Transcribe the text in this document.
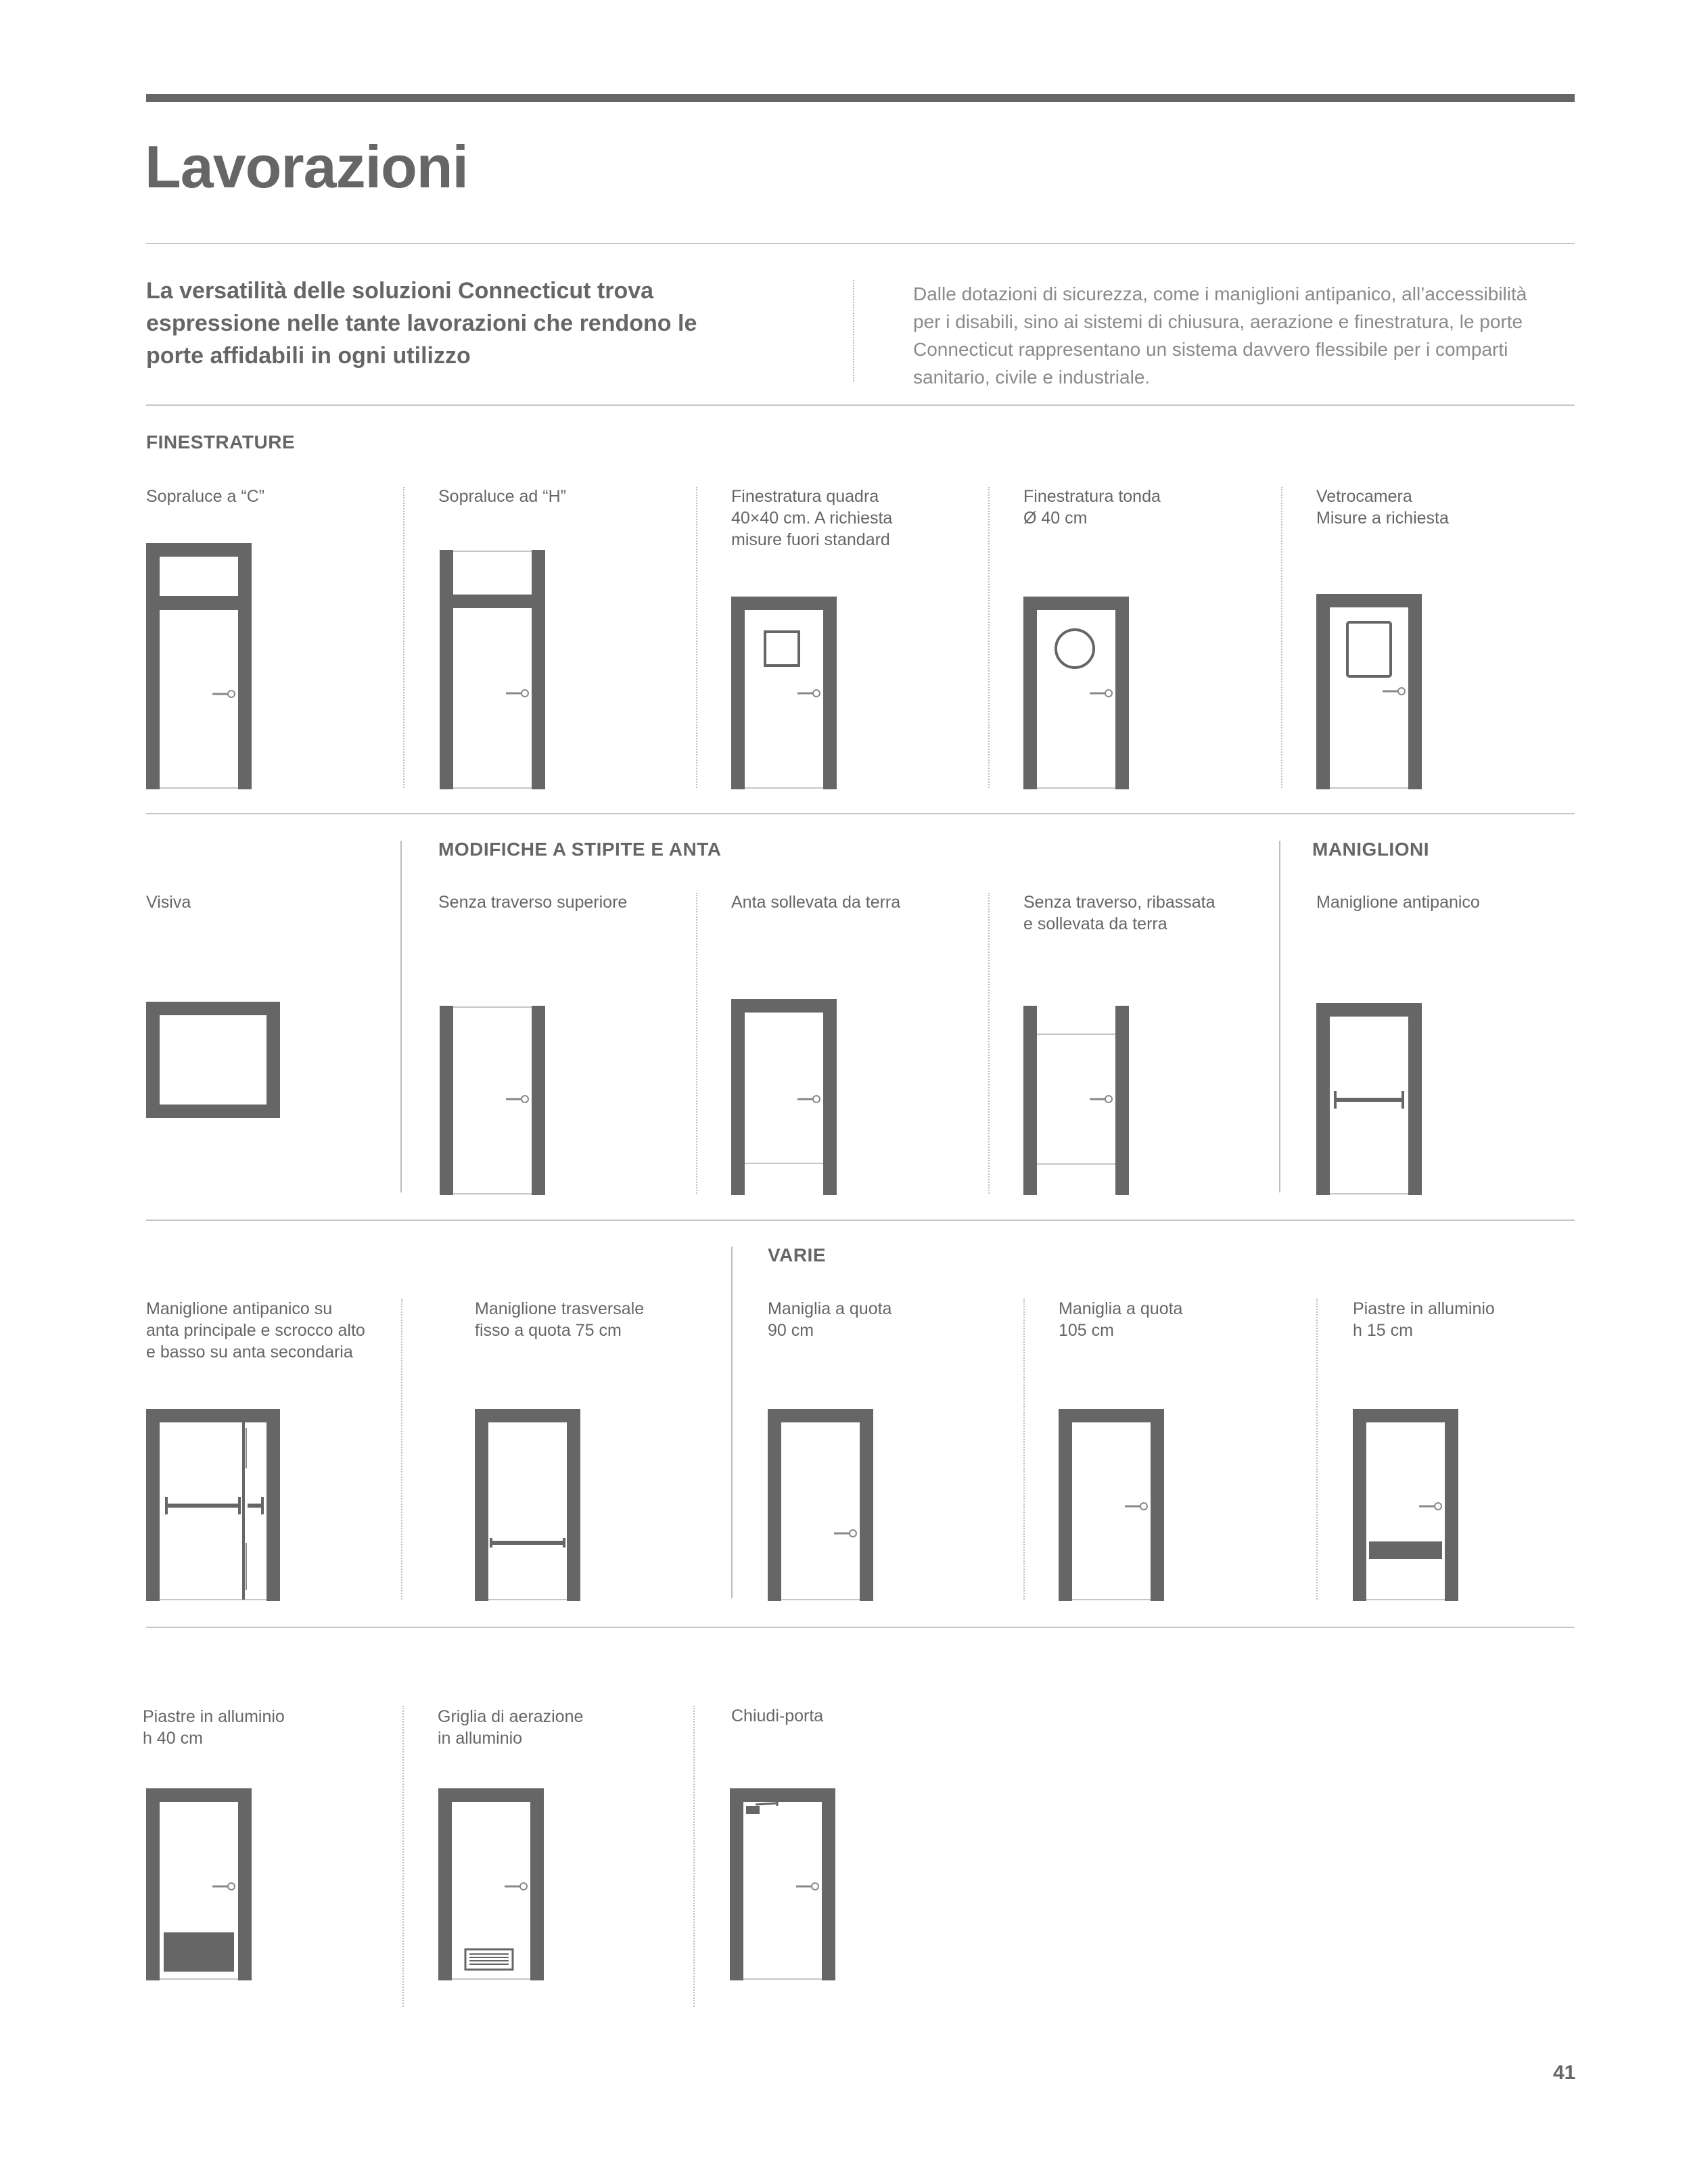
Lavorazioni
La versatilità delle soluzioni Connecticut trova espressione nelle tante lavorazioni che rendono le porte affidabili in ogni utilizzo
Dalle dotazioni di sicurezza, come i maniglioni antipanico, all’accessibilità per i disabili, sino ai sistemi di chiusura, aerazione e finestratura, le porte Connecticut rappresentano un sistema davvero flessibile per i comparti sanitario, civile e industriale.
FINESTRATURE
Sopraluce a “C”	Sopraluce ad “H”	Finestratura quadra
40×40 cm. A richiesta
misure fuori standard
Finestratura tonda
Ø 40 cm
Vetrocamera
Misure a richiesta
MODIFICHE A STIPITE E ANTA	MANIGLIONI
Visiva	Senza traverso superiore	Anta sollevata da terra	Senza traverso, ribassata
e sollevata da terra
Maniglione antipanico
VARIE
Maniglione antipanico su
anta principale e scrocco alto
e basso su anta secondaria
Maniglione trasversale
fisso a quota 75 cm
Maniglia a quota
90 cm
Maniglia a quota
105 cm
Piastre in alluminio
h 15 cm
Piastre in alluminio
h 40 cm
Griglia di aerazione
in alluminio
Chiudi-porta
41
